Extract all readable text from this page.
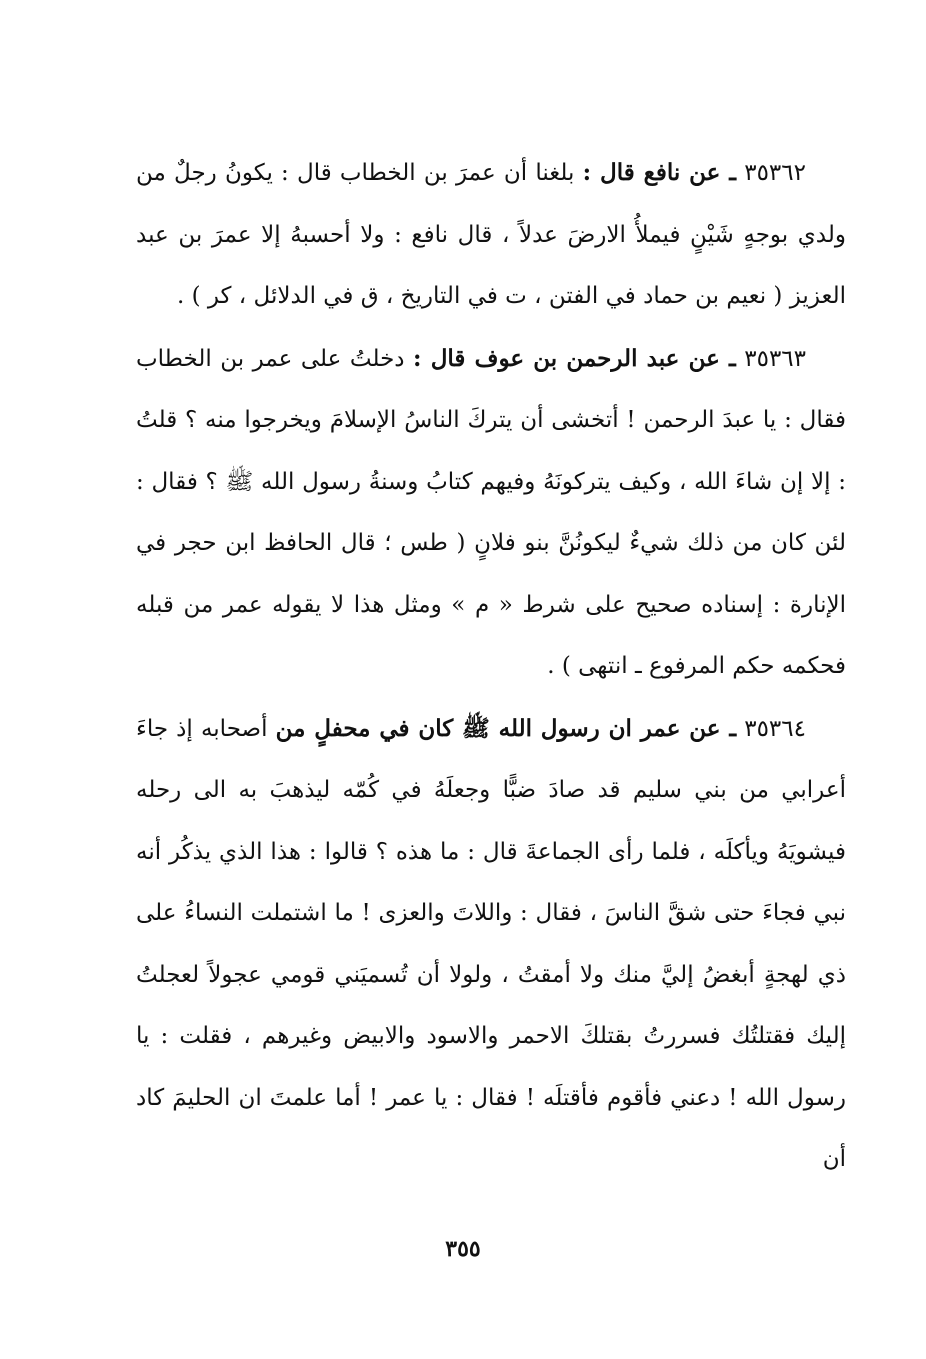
٣٥٣٦٢ ـ عن نافع قال : بلغنا أن عمرَ بن الخطاب قال : يكونُ رجلٌ من ولدي بوجهٍ شَيْنٍ فيملأُ الارضَ عدلاً ، قال نافع : ولا أحسبهُ إلا عمرَ بن عبد العزيز ( نعيم بن حماد في الفتن ، ت في التاريخ ، ق في الدلائل ، كر ) .

٣٥٣٦٣ ـ عن عبد الرحمن بن عوف قال : دخلتُ على عمر بن الخطاب فقال : يا عبدَ الرحمن ! أتخشى أن يتركَ الناسُ الإسلامَ ويخرجوا منه ؟ قلتُ : إلا إن شاءَ الله ، وكيف يتركونَهُ وفيهم كتابُ وسنةُ رسول الله ﷺ ؟ فقال : لئن كان من ذلك شيءٌ ليكونُنَّ بنو فلانٍ ( طس ؛ قال الحافظ ابن حجر في الإنارة : إسناده صحيح على شرط « م » ومثل هذا لا يقوله عمر من قبله فحكمه حكم المرفوع ـ انتهى ) .

٣٥٣٦٤ ـ عن عمر ان رسول الله ﷺ كان في محفلٍ من أصحابه إذ جاءَ أعرابي من بني سليم قد صادَ ضبًّا وجعلَهُ في كُمّه ليذهبَ به الى رحله فيشويَهُ ويأكلَه ، فلما رأى الجماعةَ قال : ما هذه ؟ قالوا : هذا الذي يذكُر أنه نبي فجاءَ حتى شقَّ الناسَ ، فقال : واللاتَ والعزى ! ما اشتملت النساءُ على ذي لهجةٍ أبغضُ إليَّ منك ولا أمقتُ ، ولولا أن تُسميَني قومي عجولاً لعجلتُ إليك فقتلتُك فسررتُ بقتلكَ الاحمر والاسود والابيض وغيرهم ، فقلت : يا رسول الله ! دعني فأقوم فأقتلَه ! فقال : يا عمر ! أما علمتَ ان الحليمَ كاد أن

٣٥٥
